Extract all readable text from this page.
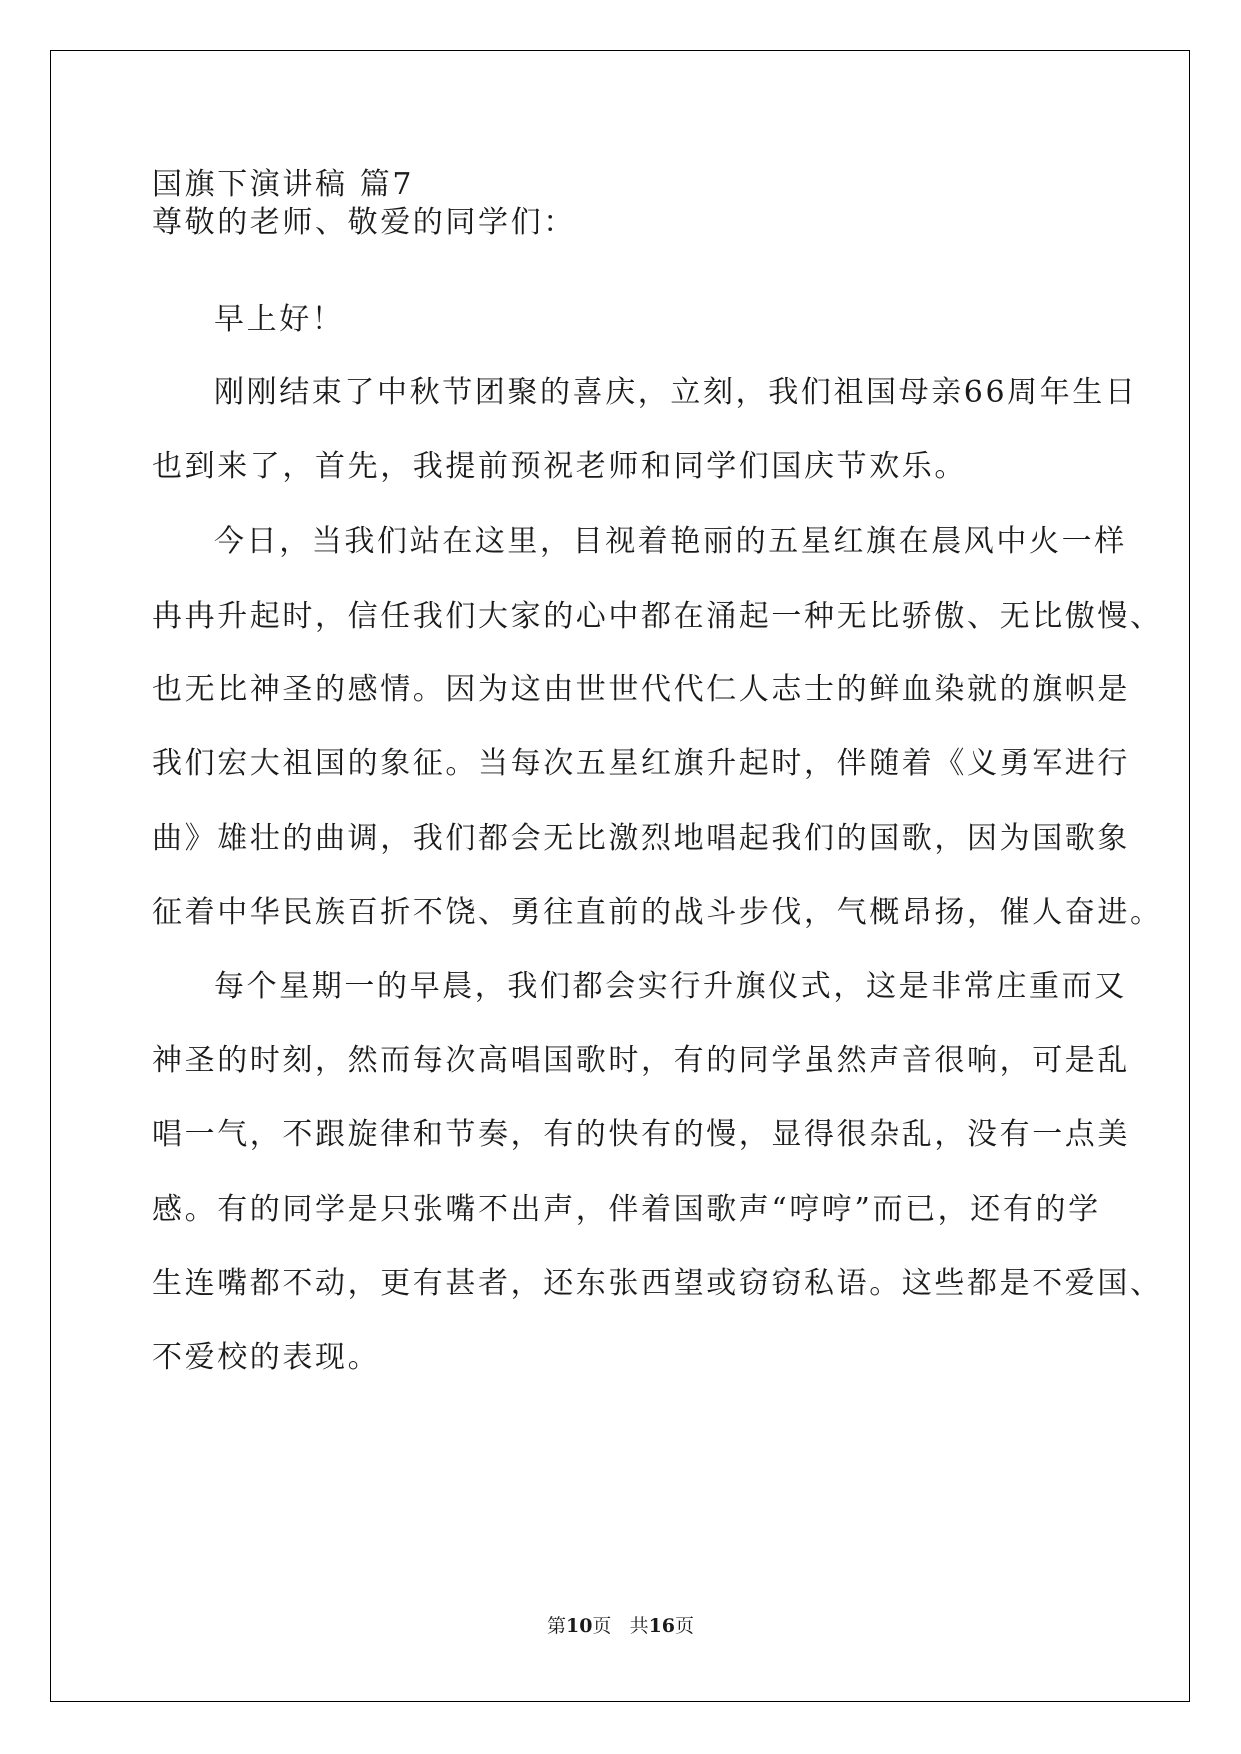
国旗下演讲稿 篇7
尊敬的老师、敬爱的同学们：
早上好！
刚刚结束了中秋节团聚的喜庆，立刻，我们祖国母亲66周年生日
也到来了，首先，我提前预祝老师和同学们国庆节欢乐。
今日，当我们站在这里，目视着艳丽的五星红旗在晨风中火一样
冉冉升起时，信任我们大家的心中都在涌起一种无比骄傲、无比傲慢、
也无比神圣的感情。因为这由世世代代仁人志士的鲜血染就的旗帜是
我们宏大祖国的象征。当每次五星红旗升起时，伴随着《义勇军进行
曲》雄壮的曲调，我们都会无比激烈地唱起我们的国歌，因为国歌象
征着中华民族百折不饶、勇往直前的战斗步伐，气概昂扬，催人奋进。
每个星期一的早晨，我们都会实行升旗仪式，这是非常庄重而又
神圣的时刻，然而每次高唱国歌时，有的同学虽然声音很响，可是乱
唱一气，不跟旋律和节奏，有的快有的慢，显得很杂乱，没有一点美
感。有的同学是只张嘴不出声，伴着国歌声“哼哼”而已，还有的学
生连嘴都不动，更有甚者，还东张西望或窃窃私语。这些都是不爱国、
不爱校的表现。
第10页 共16页
